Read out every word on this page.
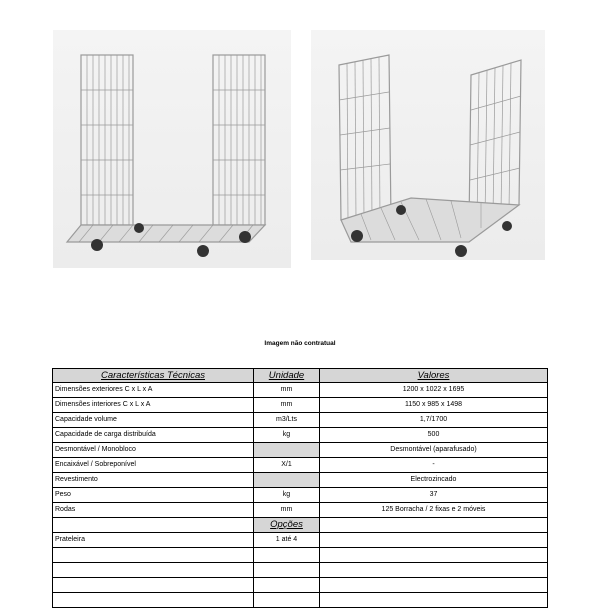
Imagem não contratual
Características Técnicas	Unidade	Valores
Dimensões exteriores C x L x A	mm	1200 x 1022 x 1695
Dimensões interiores C x L x A	mm	1150 x 985 x 1498
Capacidade volume	m3/Lts	1,7/1700
Capacidade de carga distribuída	kg	500
Desmontável / Monobloco		Desmontável (aparafusado)
Encaixável / Sobreponível	X/1	-
Revestimento		Electrozincado
Peso	kg	37
Rodas	mm	125 Borracha / 2 fixas e 2 móveis
	Opções	
Prateleira	1 até 4	
